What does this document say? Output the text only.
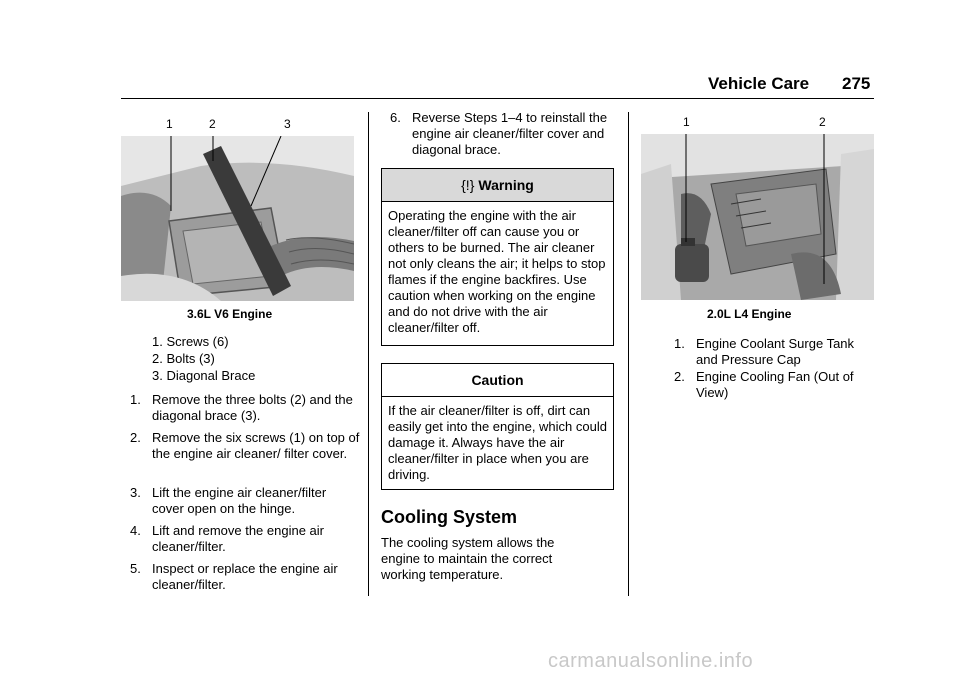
Vehicle Care 275
1	2	3
3.6L V6 Engine
1. Screws (6)
2. Bolts (3)
3. Diagonal Brace
1. Remove the three bolts (2) and the diagonal brace (3).
2. Remove the six screws (1) on top of the engine air cleaner/ filter cover.
3. Lift the engine air cleaner/filter cover open on the hinge.
4. Lift and remove the engine air cleaner/filter.
5. Inspect or replace the engine air cleaner/filter.
6. Reverse Steps 1–4 to reinstall the engine air cleaner/filter cover and diagonal brace.
{!} Warning
Operating the engine with the air cleaner/filter off can cause you or others to be burned. The air cleaner not only cleans the air; it helps to stop flames if the engine backfires. Use caution when working on the engine and do not drive with the air cleaner/filter off.
Caution
If the air cleaner/filter is off, dirt can easily get into the engine, which could damage it. Always have the air cleaner/filter in place when you are driving.
Cooling System
The cooling system allows the engine to maintain the correct working temperature.
1	2
2.0L L4 Engine
1. Engine Coolant Surge Tank and Pressure Cap
2. Engine Cooling Fan (Out of View)
carmanualsonline.info
